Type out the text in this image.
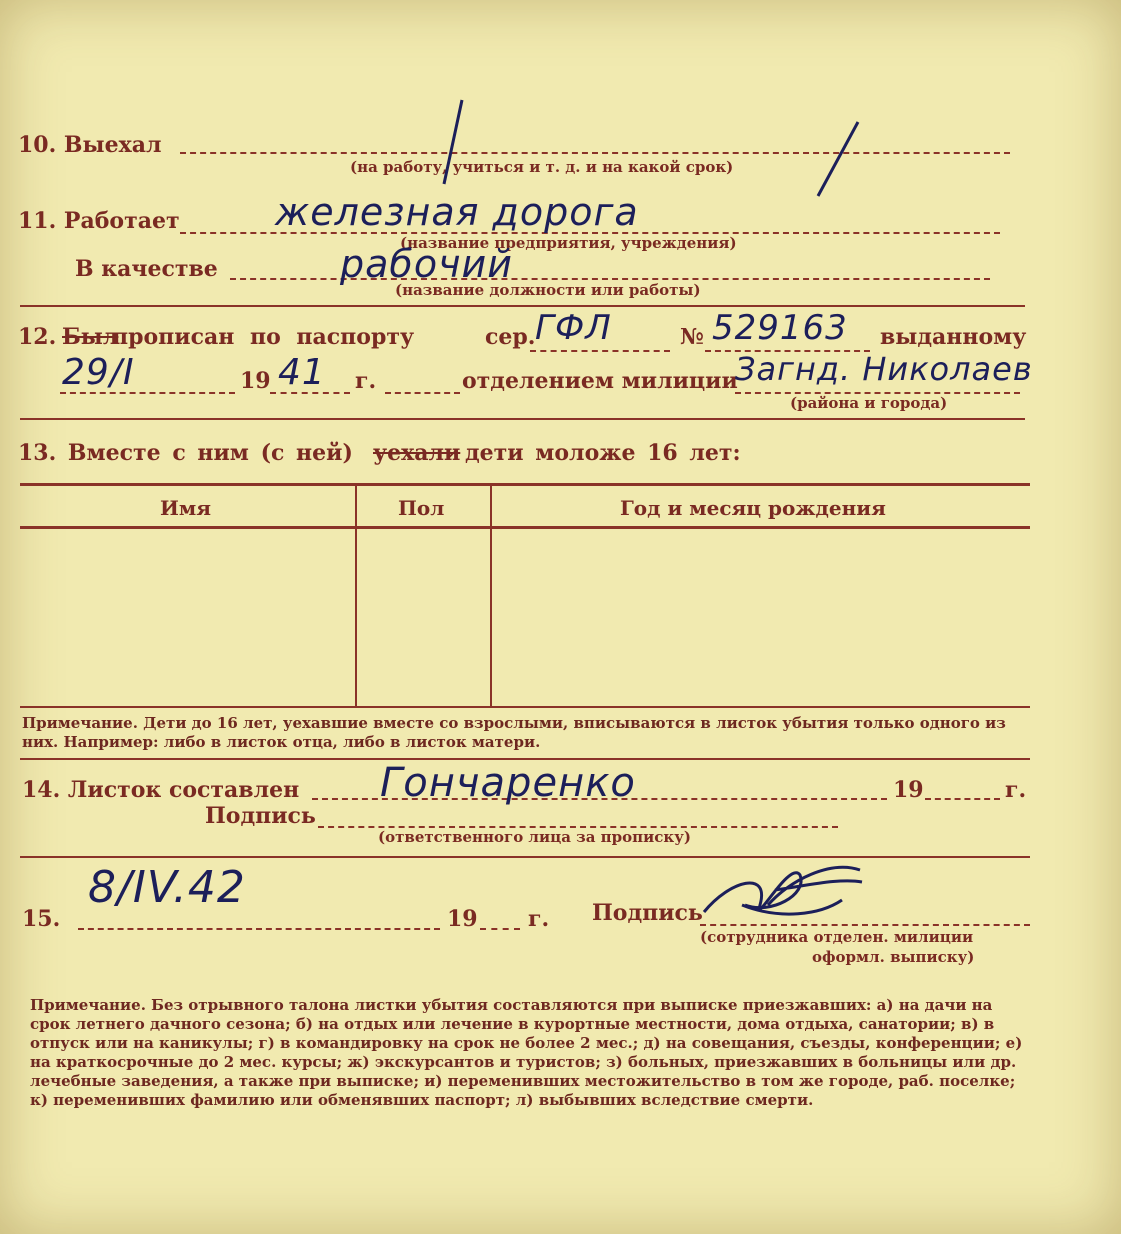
10. Выехал
(на работу, учиться и т. д. и на какой срок)
11. Работает	железная дорога
(название предприятия, учреждения)
В качестве	рабочий
(название должности или работы)
12. Был
прописан по паспорту	сер. ГФЛ	№ 529163 выданному
29/I	19 41 г.	отделением милиции
Загнд. Николаев
(района и города)
13. Вместе с ним (с ней) уехали дети моложе 16 лет:
Имя	Пол	Год и месяц рождения
Примечание. Дети до 16 лет, уехавшие вместе со взрослыми, вписываются в листок убытия только одного из них. Например: либо в листок отца, либо в листок матери.
14. Листок составлен Гончаренко	19	г.
Подпись
(ответственного лица за прописку)
15.
8/IV.42
19 г. Подпись
(сотрудника отделен. милиции
оформл. выписку)
Примечание. Без отрывного талона листки убытия составляются при выписке приезжавших: а) на дачи на срок летнего дачного сезона; б) на отдых или лечение в курортные местности, дома отдыха, санатории; в) в отпуск или на каникулы; г) в командировку на срок не более 2 мес.; д) на совещания, съезды, конференции; е) на краткосрочные до 2 мес. курсы; ж) экскурсантов и туристов; з) больных, приезжавших в больницы или др. лечебные заведения, а также при выписке; и) переменивших местожительство в том же городе, раб. поселке; к) переменивших фамилию или обменявших паспорт; л) выбывших вследствие смерти.
